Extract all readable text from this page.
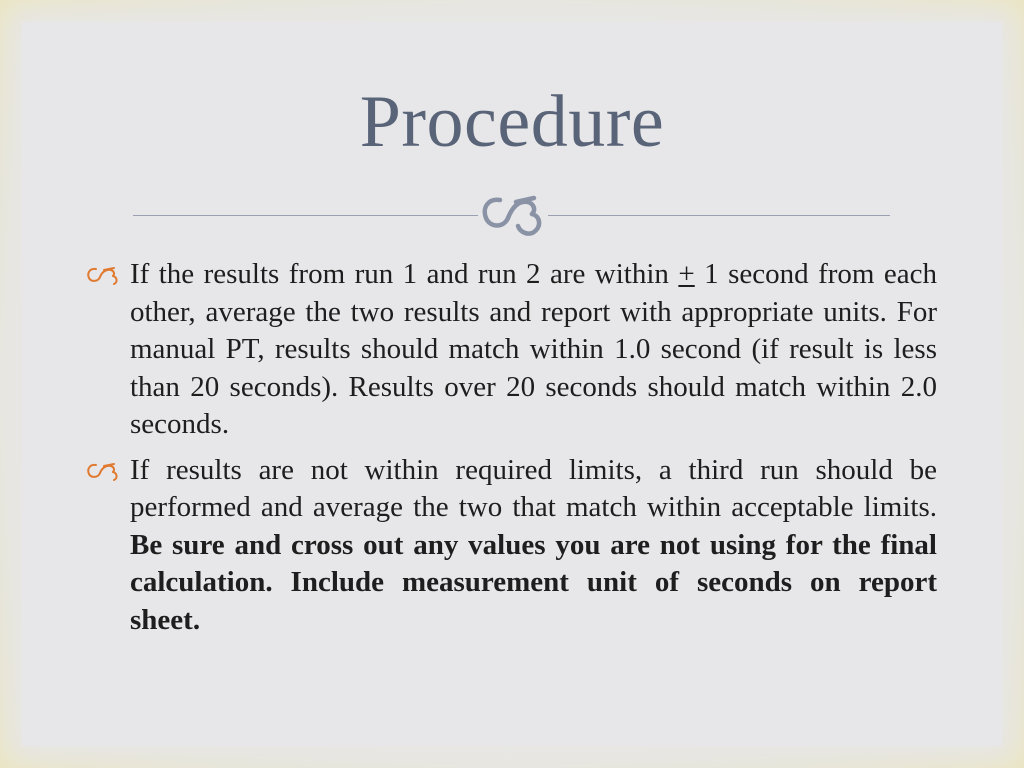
Procedure
If the results from run 1 and run 2 are within + 1 second from each other, average the two results and report with appropriate units. For manual PT, results should match within 1.0 second (if result is less than 20 seconds). Results over 20 seconds should match within 2.0 seconds.
If results are not within required limits, a third run should be performed and average the two that match within acceptable limits. Be sure and cross out any values you are not using for the final calculation. Include measurement unit of seconds on report sheet.
